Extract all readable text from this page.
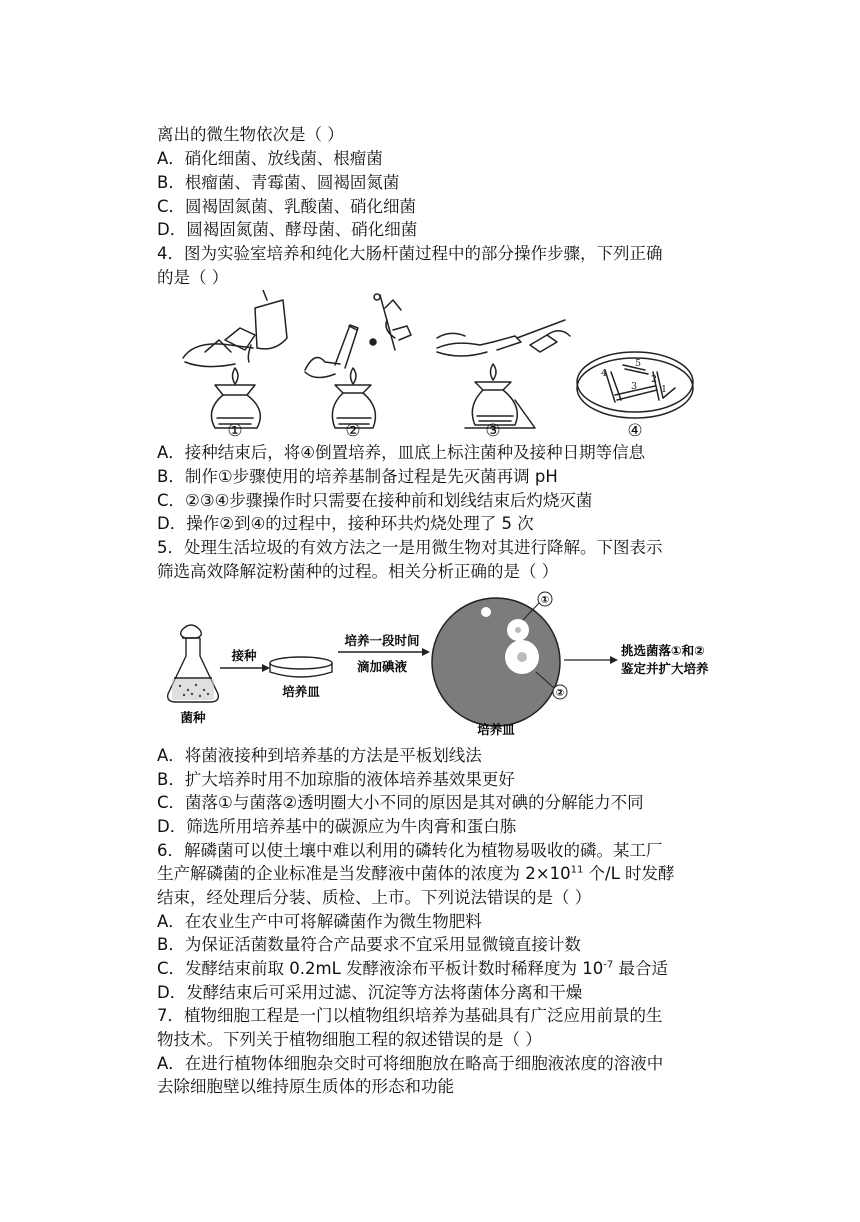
离出的微生物依次是（ ）
A．硝化细菌、放线菌、根瘤菌
B．根瘤菌、青霉菌、圆褐固氮菌
C．圆褐固氮菌、乳酸菌、硝化细菌
D．圆褐固氮菌、酵母菌、硝化细菌
4．图为实验室培养和纯化大肠杆菌过程中的部分操作步骤，下列正确
的是（ ）
4
5
3
2
1
①	②	③	④
A．接种结束后，将④倒置培养，皿底上标注菌种及接种日期等信息
B．制作①步骤使用的培养基制备过程是先灭菌再调 pH
C．②③④步骤操作时只需要在接种前和划线结束后灼烧灭菌
D．操作②到④的过程中，接种环共灼烧处理了 5 次
5．处理生活垃圾的有效方法之一是用微生物对其进行降解。下图表示
筛选高效降解淀粉菌种的过程。相关分析正确的是（ ）
菌种
接种
培养皿
培养一段时间
滴加碘液
①
②
培养皿
挑选菌落①和②
鉴定并扩大培养
A．将菌液接种到培养基的方法是平板划线法
B．扩大培养时用不加琼脂的液体培养基效果更好
C．菌落①与菌落②透明圈大小不同的原因是其对碘的分解能力不同
D．筛选所用培养基中的碳源应为牛肉膏和蛋白胨
6．解磷菌可以使土壤中难以利用的磷转化为植物易吸收的磷。某工厂
生产解磷菌的企业标准是当发酵液中菌体的浓度为 $2\times 10^{11}$ 个/L 时发酵
结束，经处理后分装、质检、上市。下列说法错误的是（ ）
A．在农业生产中可将解磷菌作为微生物肥料
B．为保证活菌数量符合产品要求不宜采用显微镜直接计数
C．发酵结束前取 0.2mL 发酵液涂布平板计数时稀释度为 $10^{-7}$ 最合适
D．发酵结束后可采用过滤、沉淀等方法将菌体分离和干燥
7．植物细胞工程是一门以植物组织培养为基础具有广泛应用前景的生
物技术。下列关于植物细胞工程的叙述错误的是（ ）
A．在进行植物体细胞杂交时可将细胞放在略高于细胞液浓度的溶液中
去除细胞壁以维持原生质体的形态和功能
